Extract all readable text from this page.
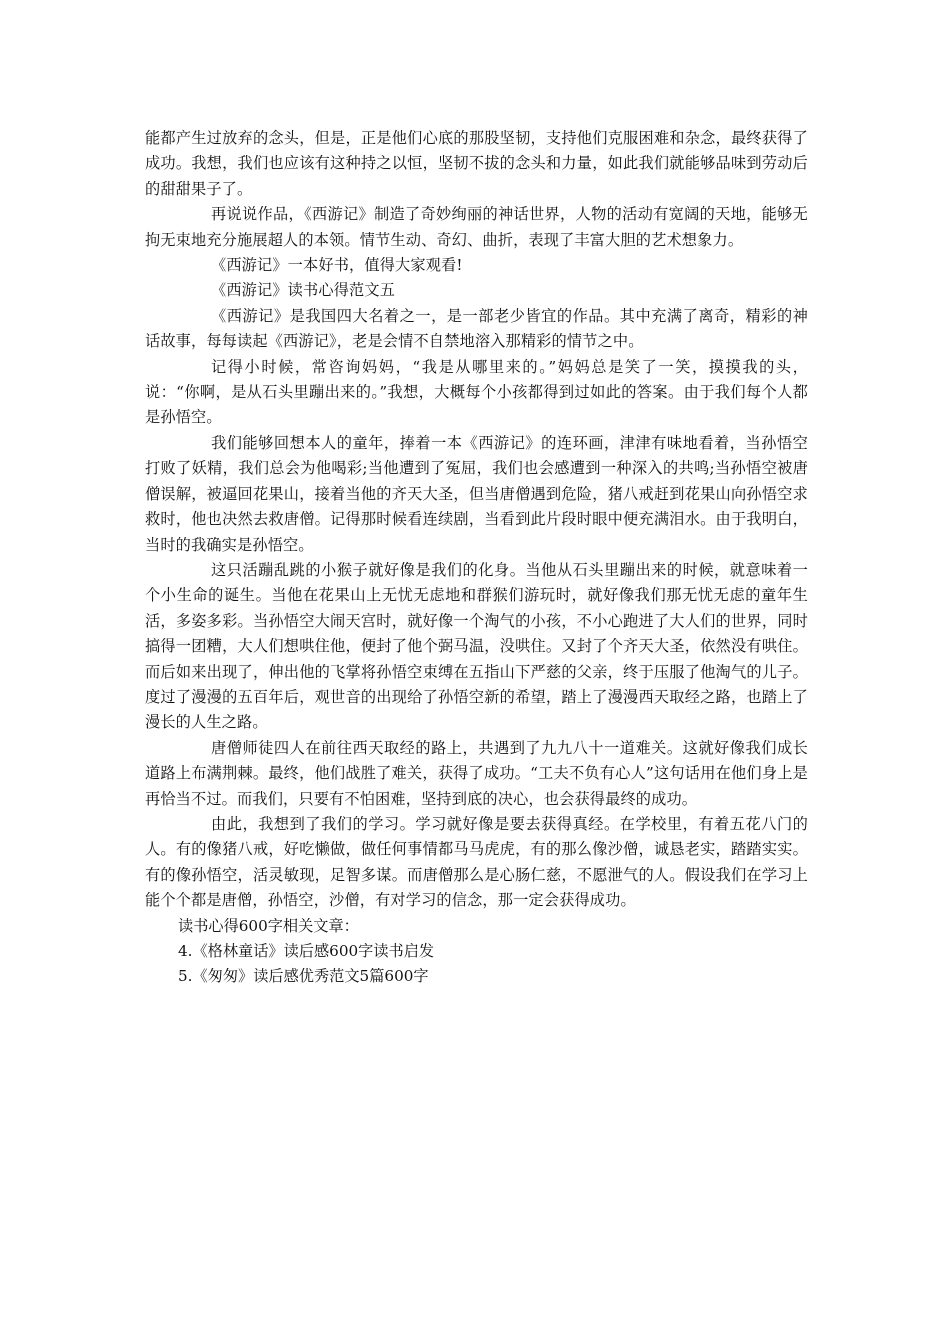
能都产生过放弃的念头，但是，正是他们心底的那股坚韧，支持他们克服困难和杂念，最终获得了成功。我想，我们也应该有这种持之以恒，坚韧不拔的念头和力量，如此我们就能够品味到劳动后的甜甜果子了。

再说说作品，《西游记》制造了奇妙绚丽的神话世界，人物的活动有宽阔的天地，能够无拘无束地充分施展超人的本领。情节生动、奇幻、曲折，表现了丰富大胆的艺术想象力。

《西游记》一本好书，值得大家观看!

《西游记》读书心得范文五

《西游记》是我国四大名着之一，是一部老少皆宜的作品。其中充满了离奇，精彩的神话故事，每每读起《西游记》，老是会情不自禁地溶入那精彩的情节之中。

记得小时候，常咨询妈妈，“我是从哪里来的。”妈妈总是笑了一笑，摸摸我的头，说：“你啊，是从石头里蹦出来的。”我想，大概每个小孩都得到过如此的答案。由于我们每个人都是孙悟空。

我们能够回想本人的童年，捧着一本《西游记》的连环画，津津有味地看着，当孙悟空打败了妖精，我们总会为他喝彩;当他遭到了冤屈，我们也会感遭到一种深入的共鸣;当孙悟空被唐僧误解，被逼回花果山，接着当他的齐天大圣，但当唐僧遇到危险，猪八戒赶到花果山向孙悟空求救时，他也决然去救唐僧。记得那时候看连续剧，当看到此片段时眼中便充满泪水。由于我明白，当时的我确实是孙悟空。

这只活蹦乱跳的小猴子就好像是我们的化身。当他从石头里蹦出来的时候，就意味着一个小生命的诞生。当他在花果山上无忧无虑地和群猴们游玩时，就好像我们那无忧无虑的童年生活，多姿多彩。当孙悟空大闹天宫时，就好像一个淘气的小孩，不小心跑进了大人们的世界，同时搞得一团糟，大人们想哄住他，便封了他个弼马温，没哄住。又封了个齐天大圣，依然没有哄住。而后如来出现了，伸出他的飞掌将孙悟空束缚在五指山下严慈的父亲，终于压服了他淘气的儿子。度过了漫漫的五百年后，观世音的出现给了孙悟空新的希望，踏上了漫漫西天取经之路，也踏上了漫长的人生之路。

唐僧师徒四人在前往西天取经的路上，共遇到了九九八十一道难关。这就好像我们成长道路上布满荆棘。最终，他们战胜了难关，获得了成功。“工夫不负有心人”这句话用在他们身上是再恰当不过。而我们，只要有不怕困难，坚持到底的决心，也会获得最终的成功。

由此，我想到了我们的学习。学习就好像是要去获得真经。在学校里，有着五花八门的人。有的像猪八戒，好吃懒做，做任何事情都马马虎虎，有的那么像沙僧，诚恳老实，踏踏实实。有的像孙悟空，活灵敏现，足智多谋。而唐僧那么是心肠仁慈，不愿泄气的人。假设我们在学习上能个个都是唐僧，孙悟空，沙僧，有对学习的信念，那一定会获得成功。

读书心得600字相关文章：

4.《格林童话》读后感600字读书启发
5.《匆匆》读后感优秀范文5篇600字
